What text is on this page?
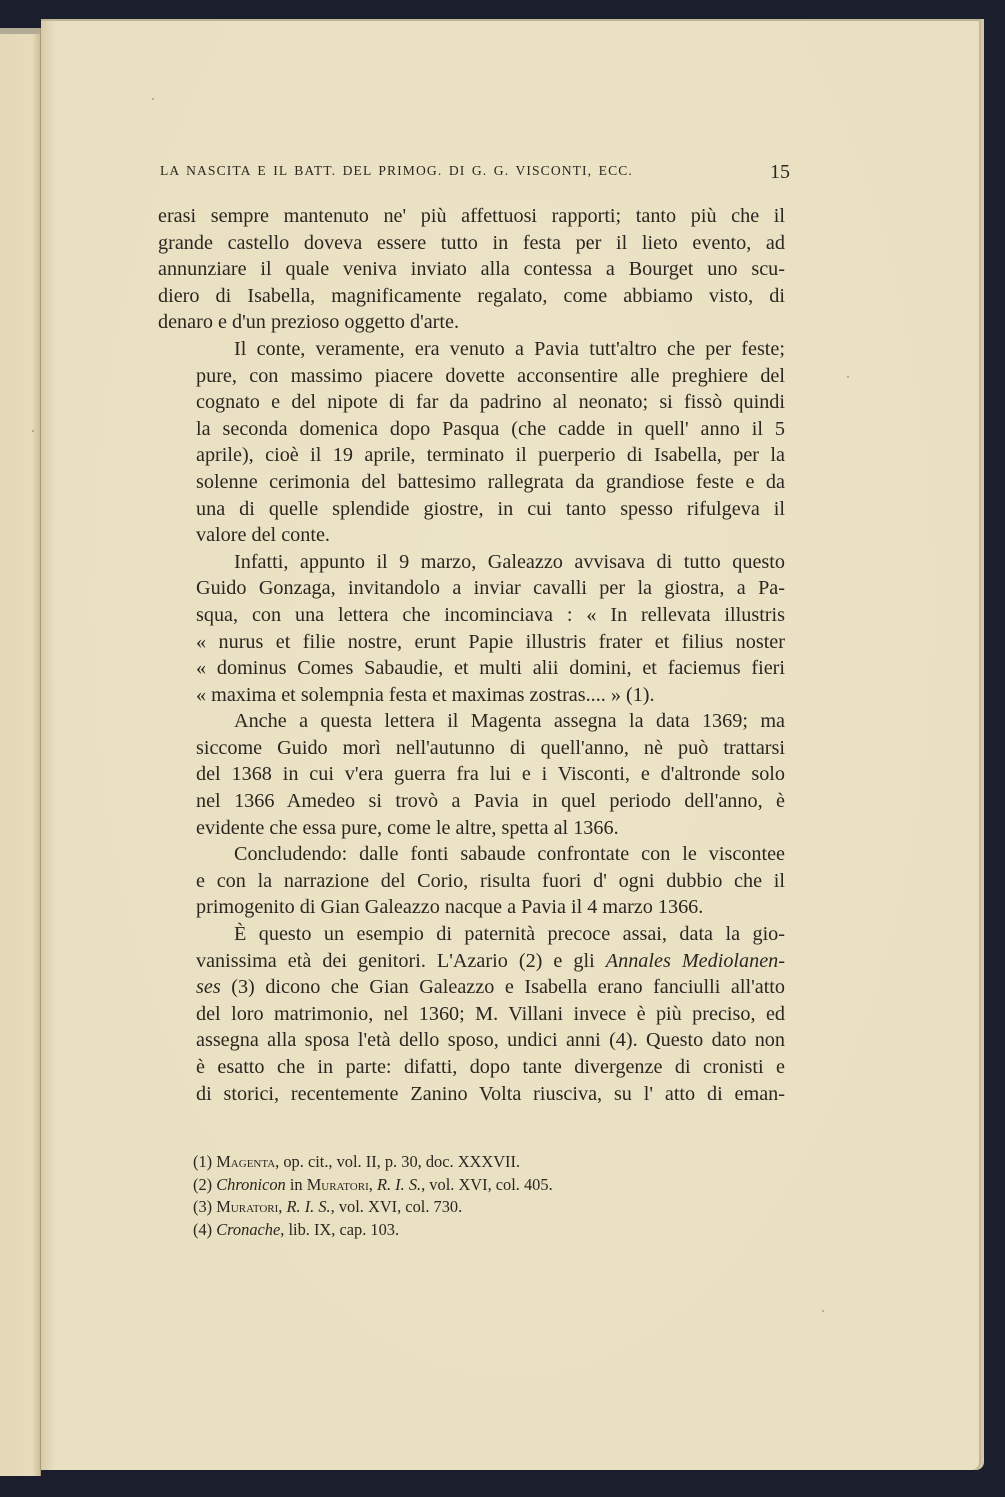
LA NASCITA E IL BATT. DEL PRIMOG. DI G. G. VISCONTI, ECC.	15
erasi sempre mantenuto ne' più affettuosi rapporti; tanto più che il
grande castello doveva essere tutto in festa per il lieto evento, ad
annunziare il quale veniva inviato alla contessa a Bourget uno scu-
diero di Isabella, magnificamente regalato, come abbiamo visto, di
denaro e d'un prezioso oggetto d'arte.
Il conte, veramente, era venuto a Pavia tutt'altro che per feste;
pure, con massimo piacere dovette acconsentire alle preghiere del
cognato e del nipote di far da padrino al neonato; si fissò quindi
la seconda domenica dopo Pasqua (che cadde in quell' anno il 5
aprile), cioè il 19 aprile, terminato il puerperio di Isabella, per la
solenne cerimonia del battesimo rallegrata da grandiose feste e da
una di quelle splendide giostre, in cui tanto spesso rifulgeva il
valore del conte.
Infatti, appunto il 9 marzo, Galeazzo avvisava di tutto questo
Guido Gonzaga, invitandolo a inviar cavalli per la giostra, a Pa-
squa, con una lettera che incominciava : « In rellevata illustris
« nurus et filie nostre, erunt Papie illustris frater et filius noster
« dominus Comes Sabaudie, et multi alii domini, et faciemus fieri
« maxima et solempnia festa et maximas zostras.... » (1).
Anche a questa lettera il Magenta assegna la data 1369; ma
siccome Guido morì nell'autunno di quell'anno, nè può trattarsi
del 1368 in cui v'era guerra fra lui e i Visconti, e d'altronde solo
nel 1366 Amedeo si trovò a Pavia in quel periodo dell'anno, è
evidente che essa pure, come le altre, spetta al 1366.
Concludendo: dalle fonti sabaude confrontate con le viscontee
e con la narrazione del Corio, risulta fuori d' ogni dubbio che il
primogenito di Gian Galeazzo nacque a Pavia il 4 marzo 1366.
È questo un esempio di paternità precoce assai, data la gio-
vanissima età dei genitori. L'Azario (2) e gli Annales Mediolanen-
ses (3) dicono che Gian Galeazzo e Isabella erano fanciulli all'atto
del loro matrimonio, nel 1360; M. Villani invece è più preciso, ed
assegna alla sposa l'età dello sposo, undici anni (4). Questo dato non
è esatto che in parte: difatti, dopo tante divergenze di cronisti e
di storici, recentemente Zanino Volta riusciva, su l' atto di eman-
(1) Magenta, op. cit., vol. II, p. 30, doc. XXXVII.
(2) Chronicon in Muratori, R. I. S., vol. XVI, col. 405.
(3) Muratori, R. I. S., vol. XVI, col. 730.
(4) Cronache, lib. IX, cap. 103.
